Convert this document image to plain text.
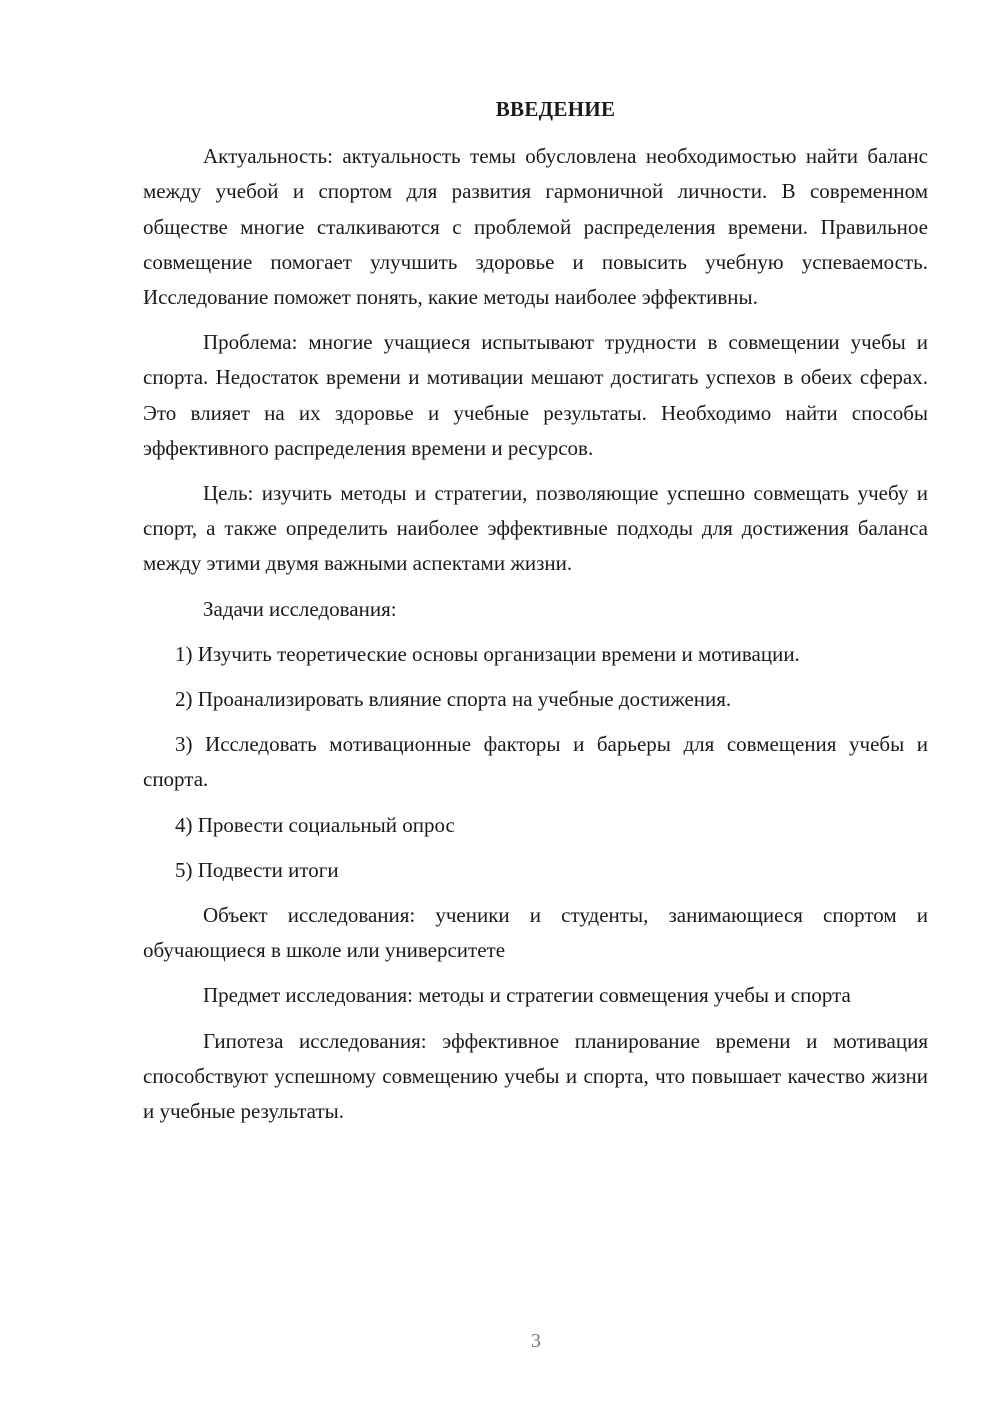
ВВЕДЕНИЕ

Актуальность: актуальность темы обусловлена необходимостью найти баланс между учебой и спортом для развития гармоничной личности. В современном обществе многие сталкиваются с проблемой распределения времени. Правильное совмещение помогает улучшить здоровье и повысить учебную успеваемость. Исследование поможет понять, какие методы наиболее эффективны.

Проблема: многие учащиеся испытывают трудности в совмещении учебы и спорта. Недостаток времени и мотивации мешают достигать успехов в обеих сферах. Это влияет на их здоровье и учебные результаты. Необходимо найти способы эффективного распределения времени и ресурсов.

Цель: изучить методы и стратегии, позволяющие успешно совмещать учебу и спорт, а также определить наиболее эффективные подходы для достижения баланса между этими двумя важными аспектами жизни.

Задачи исследования:

1) Изучить теоретические основы организации времени и мотивации.

2) Проанализировать влияние спорта на учебные достижения.

3) Исследовать мотивационные факторы и барьеры для совмещения учебы и спорта.

4) Провести социальный опрос

5) Подвести итоги

Объект исследования: ученики и студенты, занимающиеся спортом и обучающиеся в школе или университете

Предмет исследования: методы и стратегии совмещения учебы и спорта

Гипотеза исследования: эффективное планирование времени и мотивация способствуют успешному совмещению учебы и спорта, что повышает качество жизни и учебные результаты.

3
